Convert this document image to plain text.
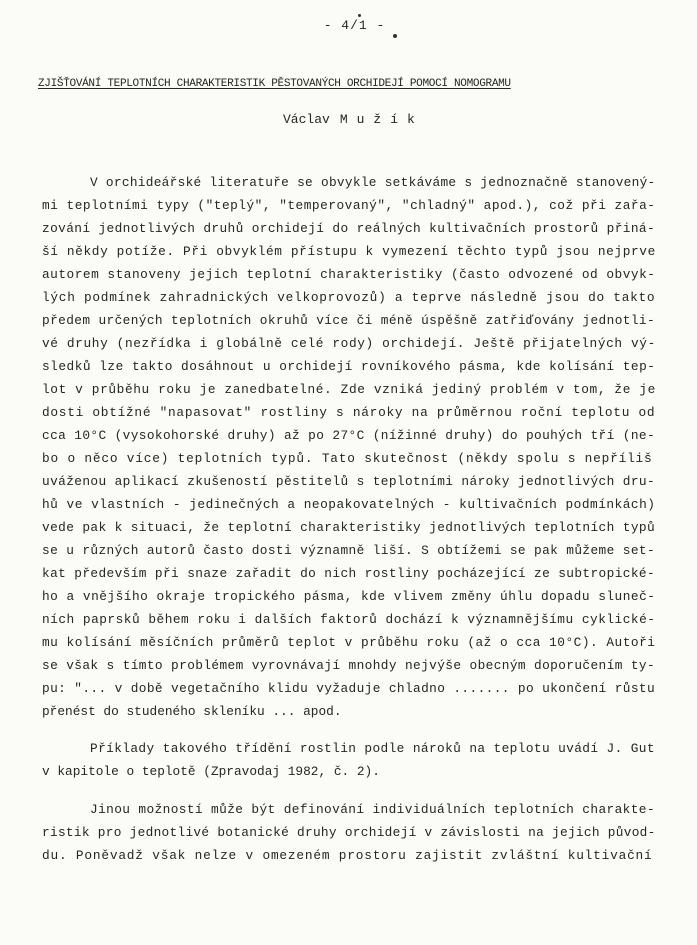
- 4/1 -
ZJIŠŤOVÁNÍ TEPLOTNÍCH CHARAKTERISTIK PĚSTOVANÝCH ORCHIDEJÍ POMOCÍ NOMOGRAMU
Václav Mužík
V orchideářské literatuře se obvykle setkáváme s jednoznačně stanovený-
mi teplotními typy ("teplý", "temperovaný", "chladný" apod.), což při zařa-
zování jednotlivých druhů orchidejí do reálných kultivačních prostorů přiná-
ší někdy potíže. Při obvyklém přístupu k vymezení těchto typů jsou nejprve
autorem stanoveny jejich teplotní charakteristiky (často odvozené od obvyk-
lých podmínek zahradnických velkoprovozů) a teprve následně jsou do takto
předem určených teplotních okruhů více či méně úspěšně zatřiďovány jednotli-
vé druhy (nezřídka i globálně celé rody) orchidejí. Ještě přijatelných vý-
sledků lze takto dosáhnout u orchidejí rovníkového pásma, kde kolísání tep-
lot v průběhu roku je zanedbatelné. Zde vzniká jediný problém v tom, že je
dosti obtížné "napasovat" rostliny s nároky na průměrnou roční teplotu od
cca 10°C (vysokohorské druhy) až po 27°C (nížinné druhy) do pouhých tří (ne-
bo o něco více) teplotních typů. Tato skutečnost (někdy spolu s nepříliš
uváženou aplikací zkušeností pěstitelů s teplotními nároky jednotlivých dru-
hů ve vlastních - jedinečných a neopakovatelných - kultivačních podmínkách)
vede pak k situaci, že teplotní charakteristiky jednotlivých teplotních typů
se u různých autorů často dosti významně liší. S obtížemi se pak můžeme set-
kat především při snaze zařadit do nich rostliny pocházející ze subtropické-
ho a vnějšího okraje tropického pásma, kde vlivem změny úhlu dopadu sluneč-
ních paprsků během roku i dalších faktorů dochází k významnějšímu cyklické-
mu kolísání měsíčních průměrů teplot v průběhu roku (až o cca 10°C). Autoři
se však s tímto problémem vyrovnávají mnohdy nejvýše obecným doporučením ty-
pu: "... v době vegetačního klidu vyžaduje chladno ....... po ukončení růstu
přenést do studeného skleníku ... apod.
Příklady takového třídění rostlin podle nároků na teplotu uvádí J. Gut
v kapitole o teplotě (Zpravodaj 1982, č. 2).
Jinou možností může být definování individuálních teplotních charakte-
ristik pro jednotlivé botanické druhy orchidejí v závislosti na jejich původ-
du. Poněvadž však nelze v omezeném prostoru zajistit zvláštní kultivační
